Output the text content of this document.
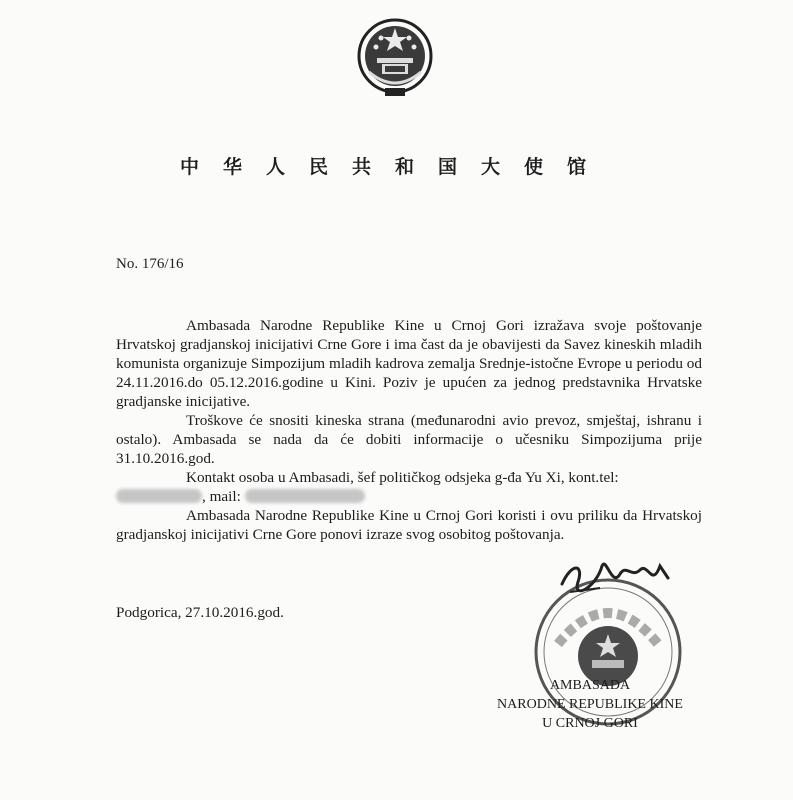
中华人民共和国大使馆
No. 176/16

Ambasada Narodne Republike Kine u Crnoj Gori izražava svoje poštovanje Hrvatskoj gradjanskoj inicijativi Crne Gore i ima čast da je obavijesti da Savez kineskih mladih komunista organizuje Simpozijum mladih kadrova zemalja Srednje-istočne Evrope u periodu od 24.11.2016.do 05.12.2016.godine u Kini. Poziv je upućen za jednog predstavnika Hrvatske gradjanske inicijative.

Troškove će snositi kineska strana (međunarodni avio prevoz, smještaj, ishranu i ostalo). Ambasada se nada da će dobiti informacije o učesniku Simpozijuma prije 31.10.2016.god.

Kontakt osoba u Ambasadi, šef političkog odsjeka g-đa Yu Xi, kont.tel:

, mail:

Ambasada Narodne Republike Kine u Crnoj Gori koristi i ovu priliku da Hrvatskoj gradjanskoj inicijativi Crne Gore ponovi izraze svog osobitog poštovanja.

Podgorica, 27.10.2016.god.
AMBASADA
NARODNE REPUBLIKE KINE
U CRNOJ GORI
